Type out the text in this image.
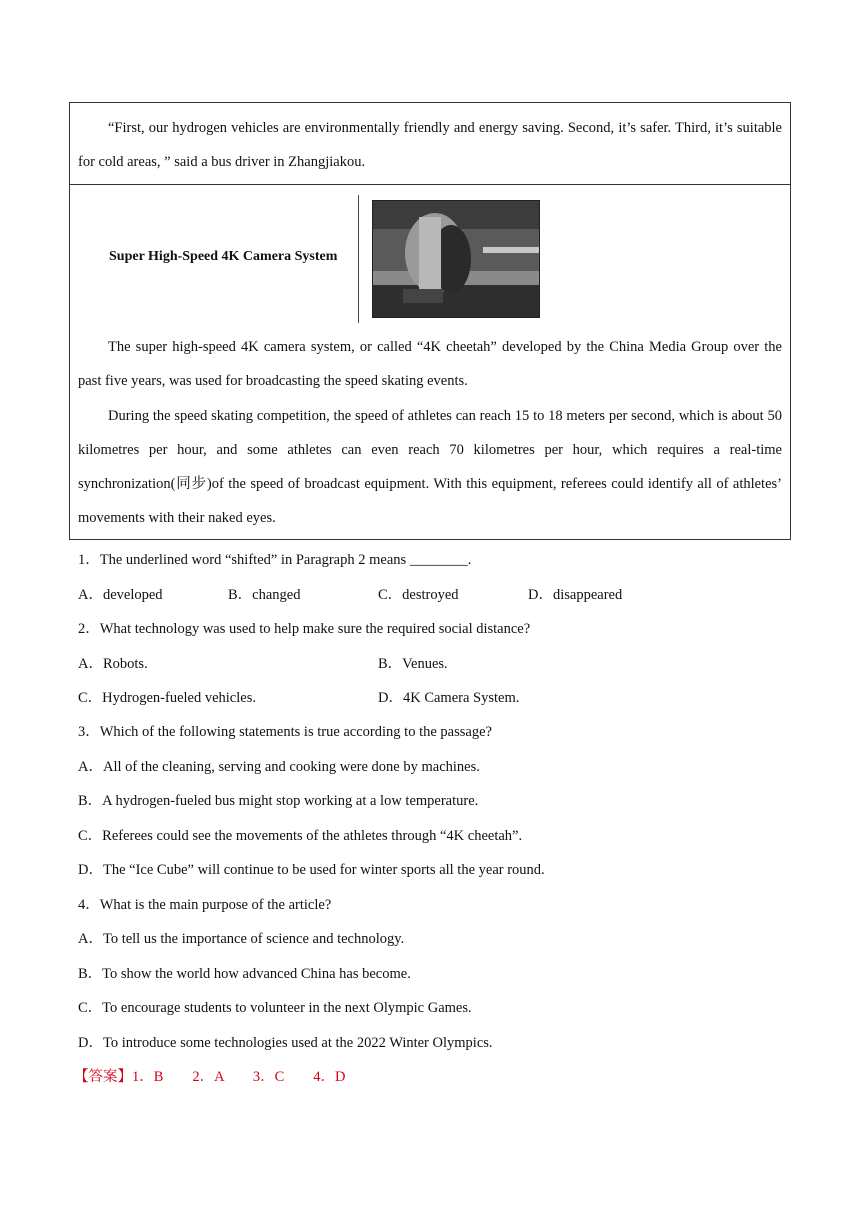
“First, our hydrogen vehicles are environmentally friendly and energy saving. Second, it’s safer. Third, it’s suitable for cold areas, ” said a bus driver in Zhangjiakou.

Super High-Speed 4K Camera System

The super high-speed 4K camera system, or called “4K cheetah” developed by the China Media Group over the past five years, was used for broadcasting the speed skating events.

During the speed skating competition, the speed of athletes can reach 15 to 18 meters per second, which is about 50 kilometres per hour, and some athletes can even reach 70 kilometres per hour, which requires a real-time synchronization(同步)of the speed of broadcast equipment. With this equipment, referees could identify all of athletes’ movements with their naked eyes.

1．The underlined word “shifted” in Paragraph 2 means ________.
A．developed	B．changed	C．destroyed	D．disappeared
2．What technology was used to help make sure the required social distance?
A．Robots.	B．Venues.
C．Hydrogen-fueled vehicles.	D．4K Camera System.
3．Which of the following statements is true according to the passage?
A．All of the cleaning, serving and cooking were done by machines.
B．A hydrogen-fueled bus might stop working at a low temperature.
C．Referees could see the movements of the athletes through “4K cheetah”.
D．The “Ice Cube” will continue to be used for winter sports all the year round.
4．What is the main purpose of the article?
A．To tell us the importance of science and technology.
B．To show the world how advanced China has become.
C．To encourage students to volunteer in the next Olympic Games.
D．To introduce some technologies used at the 2022 Winter Olympics.
【答案】1．B　　2．A　　3．C　　4．D
